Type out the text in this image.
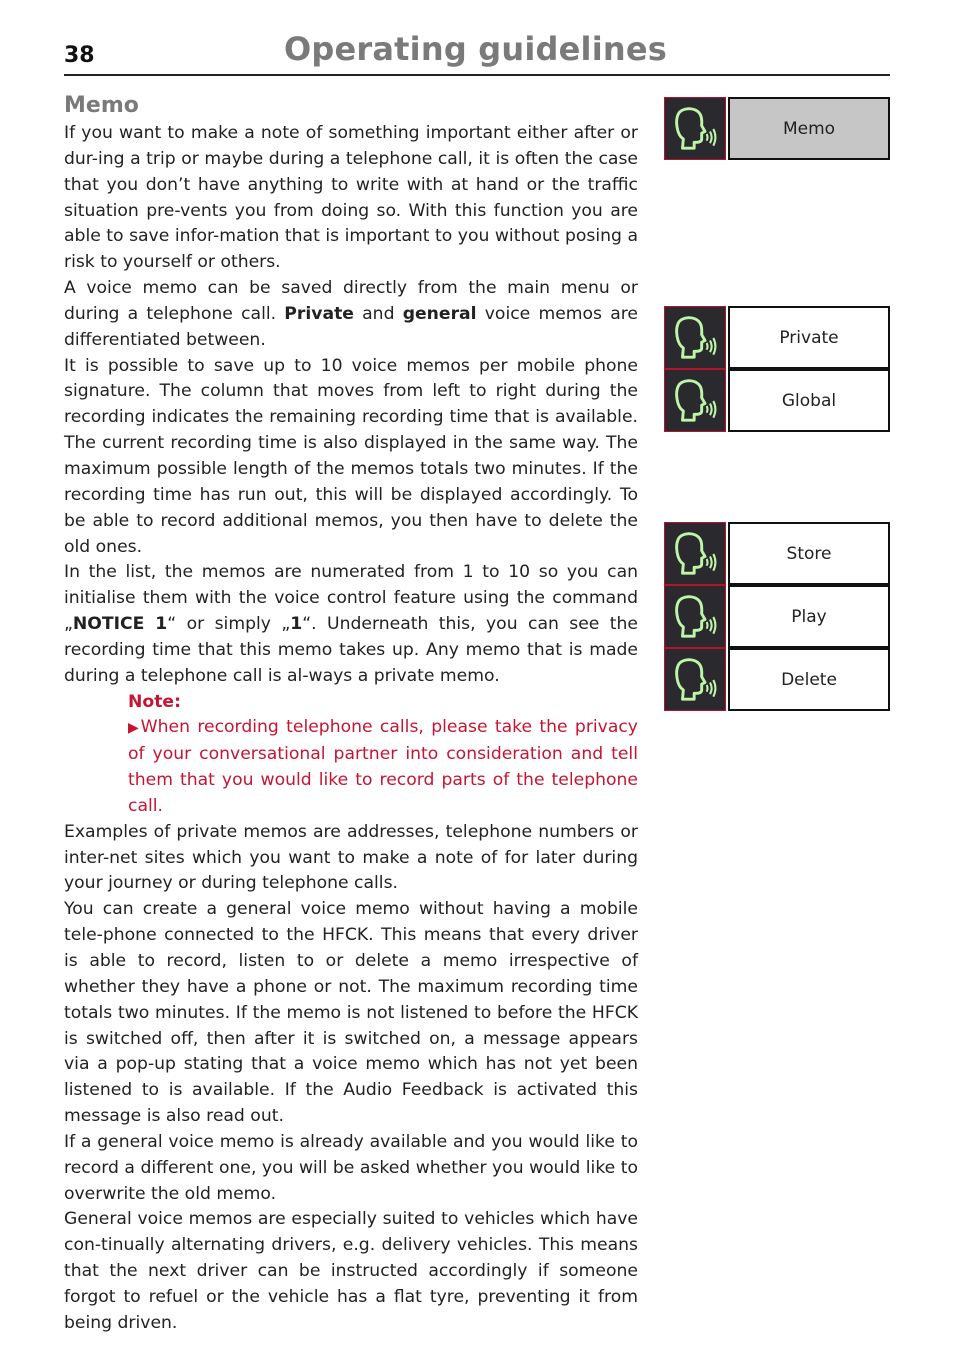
38	Operating guidelines
Memo

If you want to make a note of something important either after or dur-ing a trip or maybe during a telephone call, it is often the case that you don’t have anything to write with at hand or the traffic situation pre-vents you from doing so. With this function you are able to save infor-mation that is important to you without posing a risk to yourself or others.

A voice memo can be saved directly from the main menu or during a telephone call. Private and general voice memos are differentiated between.

It is possible to save up to 10 voice memos per mobile phone signature. The column that moves from left to right during the recording indicates the remaining recording time that is available. The current recording time is also displayed in the same way. The maximum possible length of the memos totals two minutes. If the recording time has run out, this will be displayed accordingly. To be able to record additional memos, you then have to delete the old ones.

In the list, the memos are numerated from 1 to 10 so you can initialise them with the voice control feature using the command „NOTICE 1“ or simply „1“. Underneath this, you can see the recording time that this memo takes up. Any memo that is made during a telephone call is al-ways a private memo.

Note:

▶When recording telephone calls, please take the privacy of your conversational partner into consideration and tell them that you would like to record parts of the telephone call.

Examples of private memos are addresses, telephone numbers or inter-net sites which you want to make a note of for later during your journey or during telephone calls.

You can create a general voice memo without having a mobile tele-phone connected to the HFCK. This means that every driver is able to record, listen to or delete a memo irrespective of whether they have a phone or not. The maximum recording time totals two minutes. If the memo is not listened to before the HFCK is switched off, then after it is switched on, a message appears via a pop-up stating that a voice memo which has not yet been listened to is available. If the Audio Feedback is activated this message is also read out.

If a general voice memo is already available and you would like to record a different one, you will be asked whether you would like to overwrite the old memo.

General voice memos are especially suited to vehicles which have con-tinually alternating drivers, e.g. delivery vehicles. This means that the next driver can be instructed accordingly if someone forgot to refuel or the vehicle has a flat tyre, preventing it from being driven.

Memo
Private
Global
Store
Play
Delete
